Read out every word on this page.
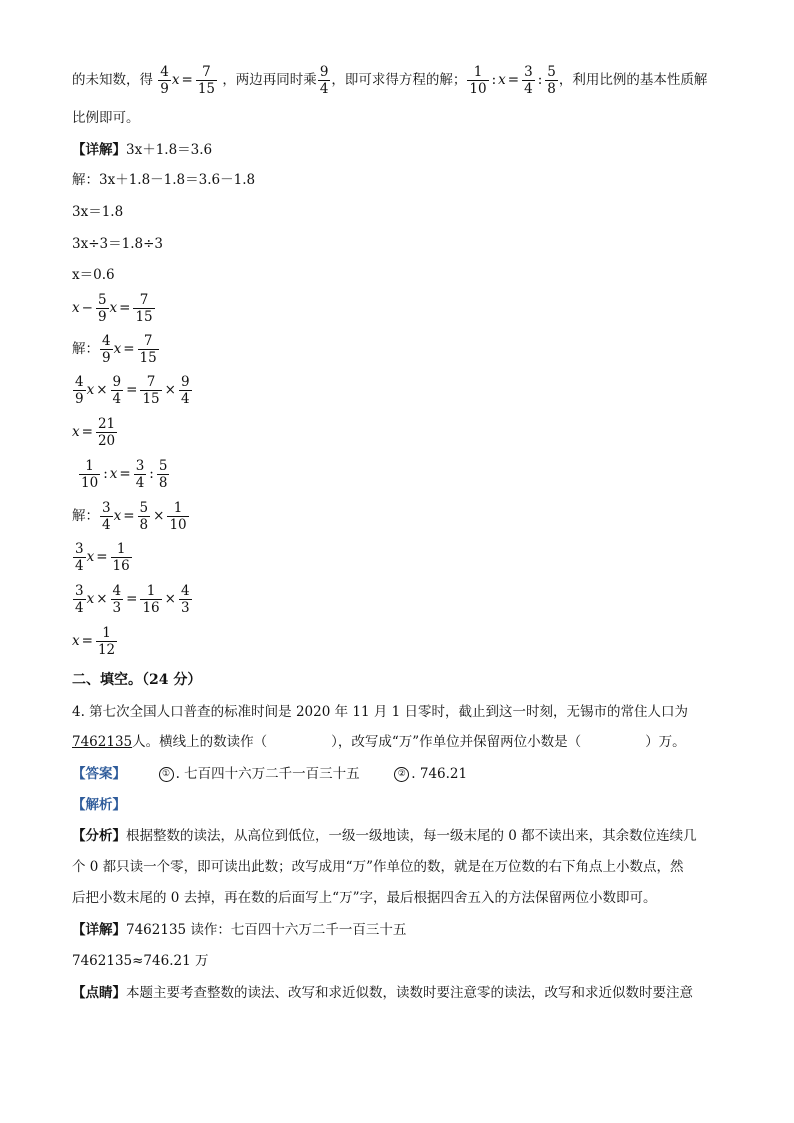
的未知数，得 $\frac{4}{9}$ $x = \frac{7}{15}$ ，两边再同时乘 $\frac{9}{4}$ ，即可求得方程的解； $\frac{1}{10}$ : $x = \frac{3}{4}$ : $\frac{5}{8}$ ，利用比例的基本性质解
比例即可。
【详解】3x＋1.8＝3.6
解：3x＋1.8－1.8＝3.6－1.8
3x＝1.8
3x÷3＝1.8÷3
x＝0.6
$x - \frac{5}{9}$ $x = \frac{7}{15}$
解： $\frac{4}{9}$ $x = \frac{7}{15}$
$\frac{4}{9}$ $x \times \frac{9}{4} = \frac{7}{15} \times \frac{9}{4}$
$x = \frac{21}{20}$
$\frac{1}{10}$ : $x = \frac{3}{4}$ : $\frac{5}{8}$
解： $\frac{3}{4}$ $x = \frac{5}{8} \times \frac{1}{10}$
$\frac{3}{4}$ $x = \frac{1}{16}$
$\frac{3}{4}$ $x \times \frac{4}{3} = \frac{1}{16} \times \frac{4}{3}$
$x = \frac{1}{12}$
二、填空。（24 分）
4. 第七次全国人口普查的标准时间是 2020 年 11 月 1 日零时，截止到这一时刻，无锡市的常住人口为
7462135人。横线上的数读作（	），改写成“万”作单位并保留两位小数是（	）万。
【答案】	① . 七百四十六万二千一百三十五	② . 746.21
【解析】
【分析】根据整数的读法，从高位到低位，一级一级地读，每一级末尾的 0 都不读出来，其余数位连续几
个 0 都只读一个零，即可读出此数；改写成用“万”作单位的数，就是在万位数的右下角点上小数点，然
后把小数末尾的 0 去掉，再在数的后面写上“万”字，最后根据四舍五入的方法保留两位小数即可。
【详解】7462135 读作：七百四十六万二千一百三十五
7462135≈746.21 万
【点睛】本题主要考查整数的读法、改写和求近似数，读数时要注意零的读法，改写和求近似数时要注意
